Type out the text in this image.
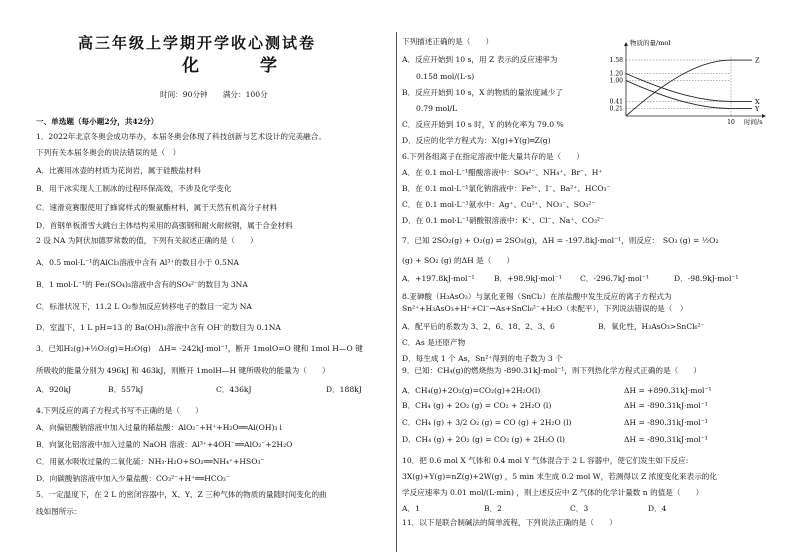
高三年级上学期开学收心测试卷
化　学
时间：90分钟　　满分：100分
一、单选题（每小题2分，共42分）
1．2022年北京冬奥会成功举办，本届冬奥会体现了科技创新与艺术设计的完美融合。
下列有关本届冬奥会的说法错误的是（　）
A．比赛用冰壶的材质为花岗岩，属于硅酸盐材料
B．用干冰实现人工制冰的过程环保高效，不涉及化学变化
C．速滑竞赛服使用了蜂窝样式的聚氨酯材料，属于天然有机高分子材料
D．首钢单板滑雪大跳台主体结构采用的高强钢和耐火耐候钢，属于合金材料
2 设 NA 为阿伏加德罗常数的值，下列有关叙述正确的是（　　）
A．0.5 mol·L⁻¹的AlCl₃溶液中含有 Al³⁺的数目小于 0.5NA
B．1 mol·L⁻¹的 Fe₂(SO₄)₃溶液中含有的SO₄²⁻的数目为 3NA
C．标准状况下，11.2 L O₂参加反应转移电子的数目一定为 NA
D．室温下，1 L pH=13 的 Ba(OH)₂溶液中含有 OH⁻的数目为 0.1NA
3．已知H₂(g)+½O₂(g)=H₂O(g)　ΔH= -242kJ·mol⁻¹，断开 1molO=O 键和 1mol H—O 键
所吸收的能量分别为 496kJ 和 463kJ，则断开 1molH—H 键所吸收的能量为（　　）
A．920kJ	B．557kJ	C．436kJ	D．188kJ
4.下列反应的离子方程式书写不正确的是（　　）
A．向偏铝酸钠溶液中加入过量的稀盐酸：AlO₂⁻+H⁺+H₂O══Al(OH)₃↓
B．向氯化铝溶液中加入过量的 NaOH 溶液：Al³⁺+4OH⁻══AlO₂⁻+2H₂O
C．用氨水吸收过量的二氧化硫：NH₃·H₂O+SO₂══NH₄⁺+HSO₃⁻
D．向碳酸钠溶液中加入少量盐酸：CO₃²⁻+H⁺══HCO₃⁻
5．一定温度下，在 2 L 的密闭容器中，X、Y、Z 三种气体的物质的量随时间变化的曲
线如图所示：
下列描述正确的是（　　）
A．反应开始到 10 s，用 Z 表示的反应速率为
0.158 mol/(L·s)
B．反应开始到 10 s，X 的物质的量浓度减少了
0.79 mol/L
C．反应开始到 10 s 时，Y 的转化率为 79.0 %
D．反应的化学方程式为：X(g)+Y(g)═Z(g)
6.下列各组离子在指定溶液中能大量共存的是（　　）
A．在 0.1 mol·L⁻¹醋酸溶液中：SO₄²⁻、NH₄⁺、Br⁻、H⁺
B．在 0.1 mol·L⁻¹氯化钠溶液中：Fe³⁺、I⁻、Ba²⁺、HCO₃⁻
C．在 0.1 mol·L⁻¹氨水中：Ag⁺、Cu²⁺、NO₃⁻、SO₃²⁻
D．在 0.1 mol·L⁻¹硝酸银溶液中：K⁺、Cl⁻、Na⁺、CO₃²⁻
7．已知 2SO₂(g) + O₂(g) ⇌ 2SO₃(g)，ΔH = -197.8kJ·mol⁻¹，则反应：　SO₃ (g) = ½O₂
(g) + SO₂ (g) 的ΔH 是（　　）
A．+197.8kJ·mol⁻¹	B．+98.9kJ·mol⁻¹ C．-296.7kJ·mol⁻¹	D．-98.9kJ·mol⁻¹
8.亚砷酸（H₃AsO₃）与氯化亚锡（SnCl₂）在浓盐酸中发生反应的离子方程式为
Sn²⁺+H₃AsO₃+H⁺+Cl⁻→As+SnCl₆²⁻+H₂O（未配平），下列说法错误的是（　）
A．配平后的系数为 3、2、6、18、2、3、6	B．氧化性，H₃AsO₃>SnCl₆²⁻
C．As 是还原产物
D．每生成 1 个 As，Sn²⁺得到的电子数为 3 个
9．已知：CH₄(g)的燃烧热为 -890.31kJ·mol⁻¹，则下列热化学方程式正确的是（　　）
A．CH₄(g)+2O₂(g)=CO₂(g)+2H₂O(l)	ΔH = +890.31kJ·mol⁻¹
B．CH₄ (g) + 2O₂ (g) = CO₂ + 2H₂O (l)	ΔH = -890.31kJ·mol⁻¹
C．CH₄ (g) + 3/2 O₂ (g) = CO (g) + 2H₂O (l)	ΔH = -890.31kJ·mol⁻¹
D．CH₄ (g) + 2O₂ (g) = CO₂ (g) + 2H₂O (l)	ΔH = -890.31kJ·mol⁻¹
10．把 0.6 mol X 气体和 0.4 mol Y 气体混合于 2 L 容器中，使它们发生如下反应:
3X(g)+Y(g)=nZ(g)+2W(g) ，5 min 末生成 0.2 mol W，若测得以 Z 浓度变化来表示的化
学反应速率为 0.01 mol/(L·min) ，则上述反应中 Z 气体的化学计量数 n 的值是（　　）
A．1	B．2	C．3	D．4
11．以下是联合制碱法的简单流程，下列说法正确的是（　　）
物质的量/mol
时间/s
1.58
1.20
1.00
0.41
0.21
10
Z
X
Y
